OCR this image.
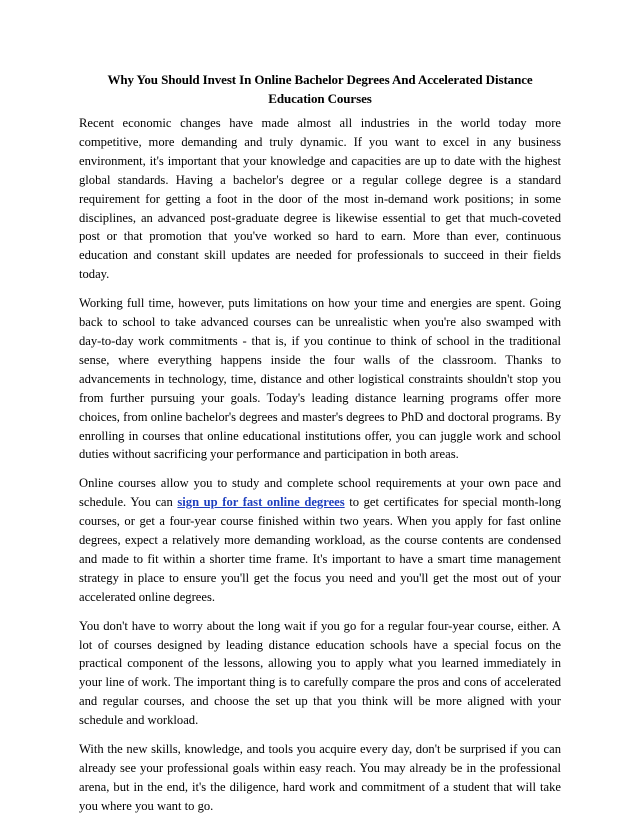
Why You Should Invest In Online Bachelor Degrees And Accelerated Distance Education Courses

Recent economic changes have made almost all industries in the world today more competitive, more demanding and truly dynamic. If you want to excel in any business environment, it's important that your knowledge and capacities are up to date with the highest global standards. Having a bachelor's degree or a regular college degree is a standard requirement for getting a foot in the door of the most in-demand work positions; in some disciplines, an advanced post-graduate degree is likewise essential to get that much-coveted post or that promotion that you've worked so hard to earn. More than ever, continuous education and constant skill updates are needed for professionals to succeed in their fields today.

Working full time, however, puts limitations on how your time and energies are spent. Going back to school to take advanced courses can be unrealistic when you're also swamped with day-to-day work commitments - that is, if you continue to think of school in the traditional sense, where everything happens inside the four walls of the classroom. Thanks to advancements in technology, time, distance and other logistical constraints shouldn't stop you from further pursuing your goals. Today's leading distance learning programs offer more choices, from online bachelor's degrees and master's degrees to PhD and doctoral programs. By enrolling in courses that online educational institutions offer, you can juggle work and school duties without sacrificing your performance and participation in both areas.

Online courses allow you to study and complete school requirements at your own pace and schedule. You can sign up for fast online degrees to get certificates for special month-long courses, or get a four-year course finished within two years. When you apply for fast online degrees, expect a relatively more demanding workload, as the course contents are condensed and made to fit within a shorter time frame. It's important to have a smart time management strategy in place to ensure you'll get the focus you need and you'll get the most out of your accelerated online degrees.

You don't have to worry about the long wait if you go for a regular four-year course, either. A lot of courses designed by leading distance education schools have a special focus on the practical component of the lessons, allowing you to apply what you learned immediately in your line of work. The important thing is to carefully compare the pros and cons of accelerated and regular courses, and choose the set up that you think will be more aligned with your schedule and workload.

With the new skills, knowledge, and tools you acquire every day, don't be surprised if you can already see your professional goals within easy reach. You may already be in the professional arena, but in the end, it's the diligence, hard work and commitment of a student that will take you where you want to go.
